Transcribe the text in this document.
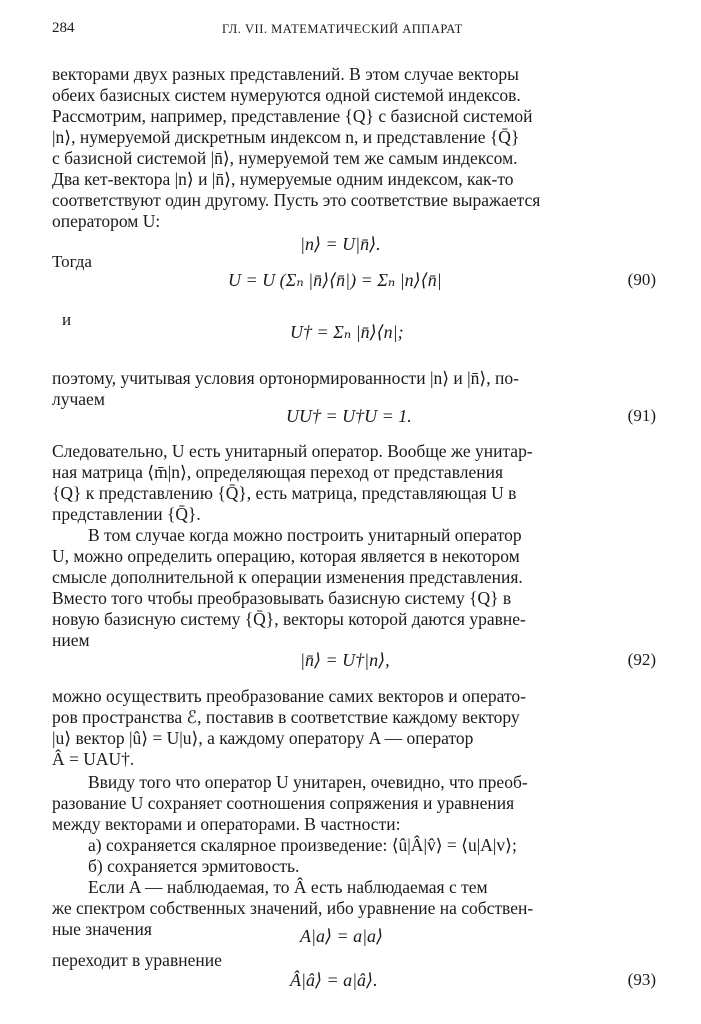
284	ГЛ. VII. МАТЕМАТИЧЕСКИЙ АППАРАТ
векторами двух разных представлений. В этом случае векторы
обеих базисных систем нумеруются одной системой индексов.
Рассмотрим, например, представление {Q} с базисной системой
|n⟩, нумеруемой дискретным индексом n, и представление {Q̄}
с базисной системой |n̄⟩, нумеруемой тем же самым индексом.
Два кет-вектора |n⟩ и |n̄⟩, нумеруемые одним индексом, как-то
соответствуют один другому. Пусть это соответствие выражается
оператором U:
|n⟩ = U|n̄⟩.
Тогда
U = U (Σₙ |n̄⟩⟨n̄|) = Σₙ |n⟩⟨n̄|	(90)
и
U† = Σₙ |n̄⟩⟨n|;
поэтому, учитывая условия ортонормированности |n⟩ и |n̄⟩, по-
лучаем
UU† = U†U = 1.	(91)
Следовательно, U есть унитарный оператор. Вообще же унитар-
ная матрица ⟨m̄|n⟩, определяющая переход от представления
{Q} к представлению {Q̄}, есть матрица, представляющая U в
представлении {Q̄}.
В том случае когда можно построить унитарный оператор
U, можно определить операцию, которая является в некотором
смысле дополнительной к операции изменения представления.
Вместо того чтобы преобразовывать базисную систему {Q} в
новую базисную систему {Q̄}, векторы которой даются уравне-
нием
|n̄⟩ = U†|n⟩,	(92)
можно осуществить преобразование самих векторов и операто-
ров пространства ℰ, поставив в соответствие каждому вектору
|u⟩ вектор |û⟩ = U|u⟩, а каждому оператору A — оператор
Â = UAU†.
Ввиду того что оператор U унитарен, очевидно, что преоб-
разование U сохраняет соотношения сопряжения и уравнения
между векторами и операторами. В частности:
а) сохраняется скалярное произведение: ⟨û|Â|v̂⟩ = ⟨u|A|v⟩;
б) сохраняется эрмитовость.
Если A — наблюдаемая, то Â есть наблюдаемая с тем
же спектром собственных значений, ибо уравнение на собствен-
ные значения	A|a⟩ = a|a⟩
переходит в уравнение
Â|â⟩ = a|â⟩.	(93)
